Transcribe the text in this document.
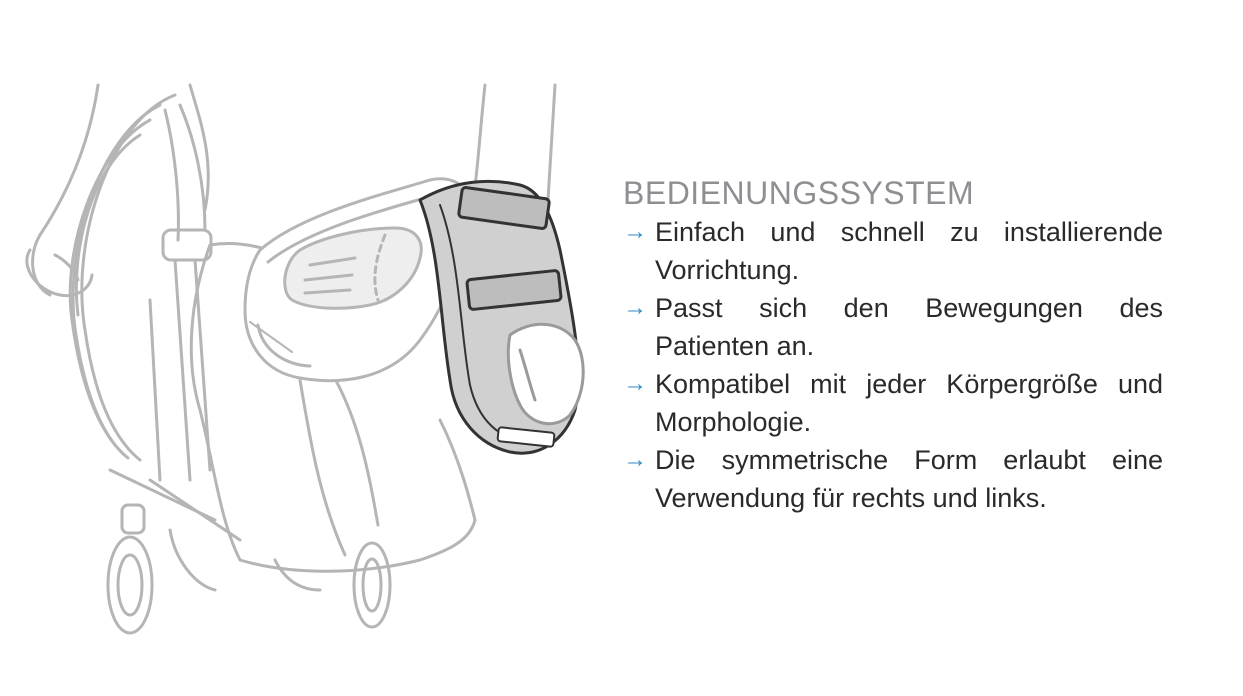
BEDIENUNGSSYSTEM
→ Einfach und schnell zu installierende Vorrichtung.
→ Passt sich den Bewegungen des Patienten an.
→ Kompatibel mit jeder Körpergröße und Morphologie.
→ Die symmetrische Form erlaubt eine Verwendung für rechts und links.
